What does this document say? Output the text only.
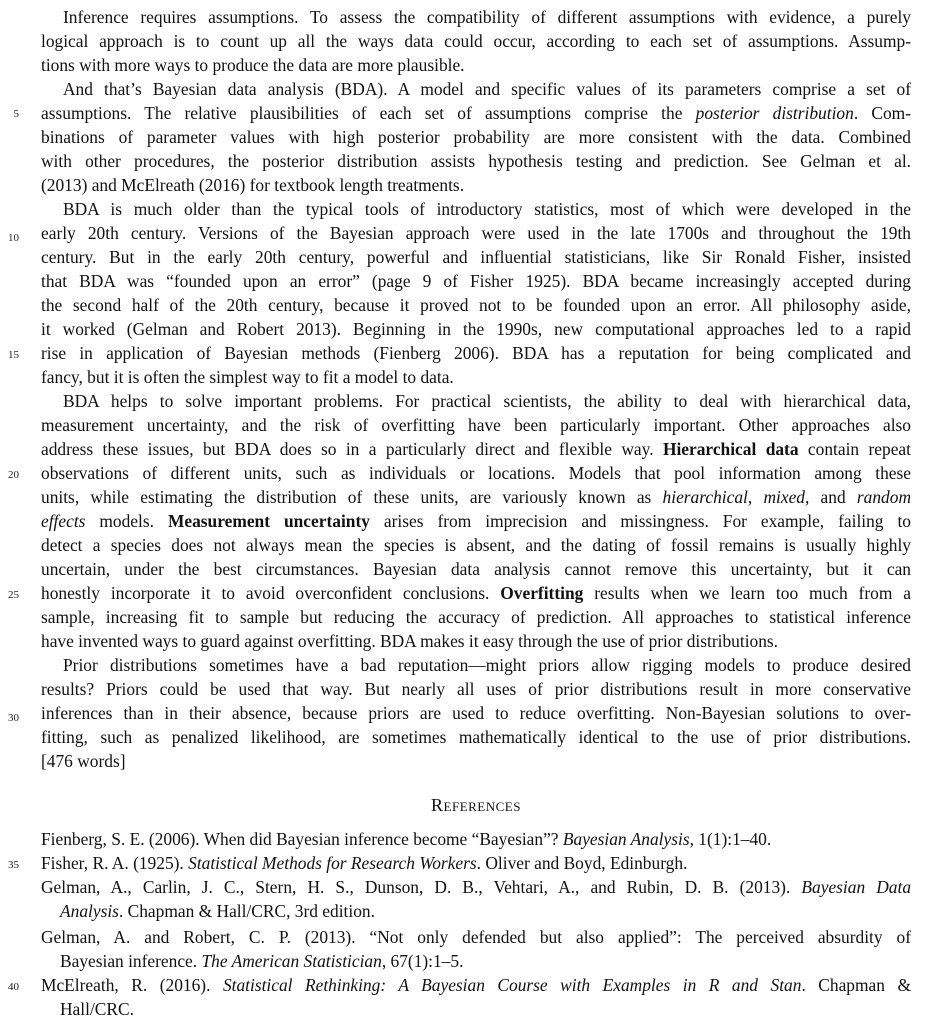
5
10
15
20
25
30
35
40
Inference requires assumptions. To assess the compatibility of different assumptions with evidence, a purely
logical approach is to count up all the ways data could occur, according to each set of assumptions. Assump-
tions with more ways to produce the data are more plausible.
And that’s Bayesian data analysis (BDA). A model and specific values of its parameters comprise a set of
assumptions. The relative plausibilities of each set of assumptions comprise the posterior distribution. Com-
binations of parameter values with high posterior probability are more consistent with the data. Combined
with other procedures, the posterior distribution assists hypothesis testing and prediction. See Gelman et al.
(2013) and McElreath (2016) for textbook length treatments.
BDA is much older than the typical tools of introductory statistics, most of which were developed in the
early 20th century. Versions of the Bayesian approach were used in the late 1700s and throughout the 19th
century. But in the early 20th century, powerful and influential statisticians, like Sir Ronald Fisher, insisted
that BDA was “founded upon an error” (page 9 of Fisher 1925). BDA became increasingly accepted during
the second half of the 20th century, because it proved not to be founded upon an error. All philosophy aside,
it worked (Gelman and Robert 2013). Beginning in the 1990s, new computational approaches led to a rapid
rise in application of Bayesian methods (Fienberg 2006). BDA has a reputation for being complicated and
fancy, but it is often the simplest way to fit a model to data.
BDA helps to solve important problems. For practical scientists, the ability to deal with hierarchical data,
measurement uncertainty, and the risk of overfitting have been particularly important. Other approaches also
address these issues, but BDA does so in a particularly direct and flexible way. Hierarchical data contain repeat
observations of different units, such as individuals or locations. Models that pool information among these
units, while estimating the distribution of these units, are variously known as hierarchical, mixed, and random
effects models. Measurement uncertainty arises from imprecision and missingness. For example, failing to
detect a species does not always mean the species is absent, and the dating of fossil remains is usually highly
uncertain, under the best circumstances. Bayesian data analysis cannot remove this uncertainty, but it can
honestly incorporate it to avoid overconfident conclusions. Overfitting results when we learn too much from a
sample, increasing fit to sample but reducing the accuracy of prediction. All approaches to statistical inference
have invented ways to guard against overfitting. BDA makes it easy through the use of prior distributions.
Prior distributions sometimes have a bad reputation—might priors allow rigging models to produce desired
results? Priors could be used that way. But nearly all uses of prior distributions result in more conservative
inferences than in their absence, because priors are used to reduce overfitting. Non-Bayesian solutions to over-
fitting, such as penalized likelihood, are sometimes mathematically identical to the use of prior distributions.
[476 words]
References
Fienberg, S. E. (2006). When did Bayesian inference become “Bayesian”? Bayesian Analysis, 1(1):1–40.
Fisher, R. A. (1925). Statistical Methods for Research Workers. Oliver and Boyd, Edinburgh.
Gelman, A., Carlin, J. C., Stern, H. S., Dunson, D. B., Vehtari, A., and Rubin, D. B. (2013). Bayesian Data
Analysis. Chapman & Hall/CRC, 3rd edition.
Gelman, A. and Robert, C. P. (2013). “Not only defended but also applied”: The perceived absurdity of
Bayesian inference. The American Statistician, 67(1):1–5.
McElreath, R. (2016). Statistical Rethinking: A Bayesian Course with Examples in R and Stan. Chapman &
Hall/CRC.
